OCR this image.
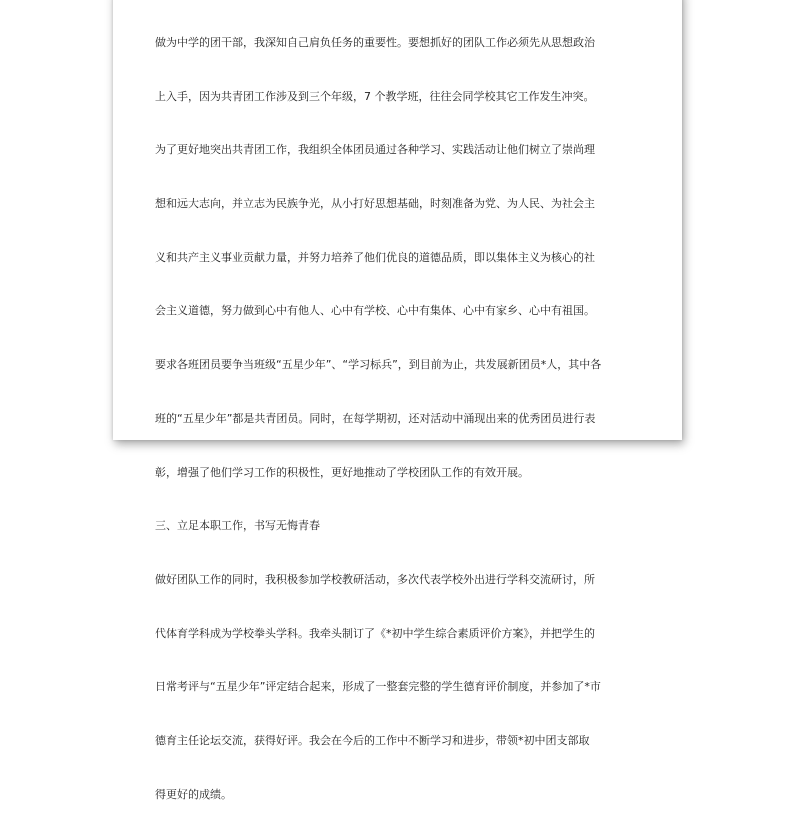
做为中学的团干部，我深知自己肩负任务的重要性。要想抓好的团队工作必须先从思想政治

上入手，因为共青团工作涉及到三个年级，7 个教学班，往往会同学校其它工作发生冲突。

为了更好地突出共青团工作，我组织全体团员通过各种学习、实践活动让他们树立了崇尚理

想和远大志向，并立志为民族争光，从小打好思想基础，时刻准备为党、为人民、为社会主

义和共产主义事业贡献力量，并努力培养了他们优良的道德品质，即以集体主义为核心的社

会主义道德，努力做到心中有他人、心中有学校、心中有集体、心中有家乡、心中有祖国。

要求各班团员要争当班级“五星少年”、“学习标兵”，到目前为止，共发展新团员*人，其中各

班的“五星少年”都是共青团员。同时，在每学期初，还对活动中涌现出来的优秀团员进行表

彰，增强了他们学习工作的积极性，更好地推动了学校团队工作的有效开展。

三、立足本职工作，书写无悔青春

做好团队工作的同时，我积极参加学校教研活动，多次代表学校外出进行学科交流研讨，所

代体育学科成为学校拳头学科。我牵头制订了《*初中学生综合素质评价方案》，并把学生的

日常考评与“五星少年”评定结合起来，形成了一整套完整的学生德育评价制度，并参加了*市

德育主任论坛交流，获得好评。我会在今后的工作中不断学习和进步，带领*初中团支部取

得更好的成绩。
